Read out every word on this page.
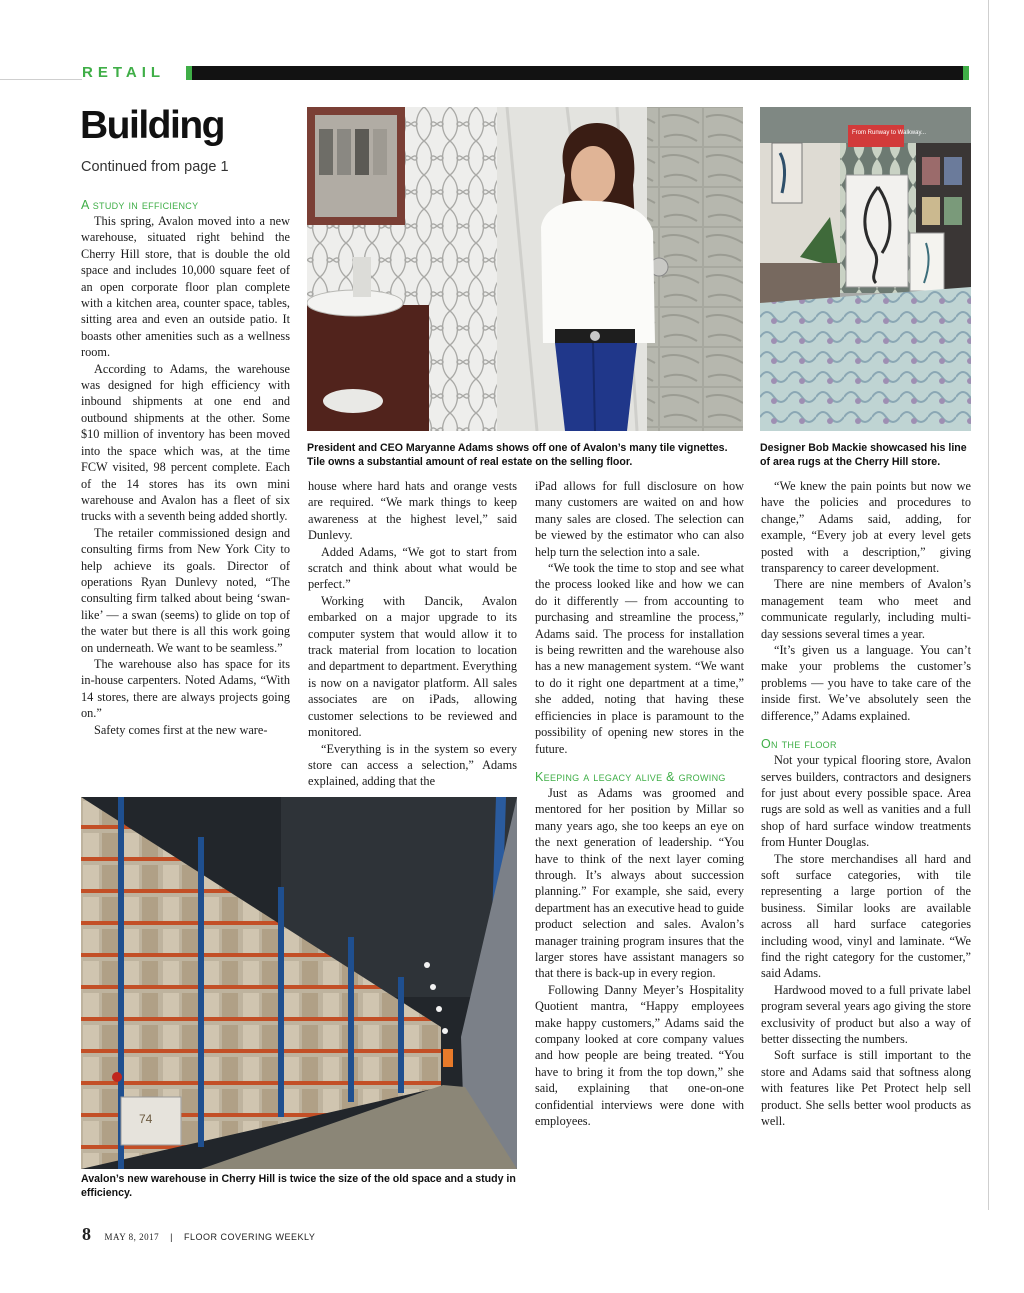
RETAIL
Building
Continued from page 1
A study in efficiency

This spring, Avalon moved into a new warehouse, situated right behind the Cherry Hill store, that is double the old space and includes 10,000 square feet of an open corporate floor plan complete with a kitchen area, counter space, tables, sitting area and even an outside patio. It boasts other amenities such as a wellness room.

According to Adams, the warehouse was designed for high efficiency with inbound shipments at one end and outbound shipments at the other. Some $10 million of inventory has been moved into the space which was, at the time FCW visited, 98 percent complete. Each of the 14 stores has its own mini warehouse and Avalon has a fleet of six trucks with a seventh being added shortly.

The retailer commissioned design and consulting firms from New York City to help achieve its goals. Director of operations Ryan Dunlevy noted, “The consulting firm talked about being ‘swan-like’ — a swan (seems) to glide on top of the water but there is all this work going on underneath. We want to be seamless.”

The warehouse also has space for its in-house carpenters. Noted Adams, “With 14 stores, there are always projects going on.”

Safety comes first at the new ware-

house where hard hats and orange vests are required. “We mark things to keep awareness at the highest level,” said Dunlevy.

Added Adams, “We got to start from scratch and think about what would be perfect.”

Working with Dancik, Avalon embarked on a major upgrade to its computer system that would allow it to track material from location to location and department to department. Everything is now on a navigator platform. All sales associates are on iPads, allowing customer selections to be reviewed and monitored.

“Everything is in the system so every store can access a selection,” Adams explained, adding that the

iPad allows for full disclosure on how many customers are waited on and how many sales are closed. The selection can be viewed by the estimator who can also help turn the selection into a sale.

“We took the time to stop and see what the process looked like and how we can do it differently — from accounting to purchasing and streamline the process,” Adams said. The process for installation is being rewritten and the warehouse also has a new management system. “We want to do it right one department at a time,” she added, noting that having these efficiencies in place is paramount to the possibility of opening new stores in the future.

Keeping a legacy alive & growing

Just as Adams was groomed and mentored for her position by Millar so many years ago, she too keeps an eye on the next generation of leadership. “You have to think of the next layer coming through. It’s always about succession planning.” For example, she said, every department has an executive head to guide product selection and sales. Avalon’s manager training program insures that the larger stores have assistant managers so that there is back-up in every region.

Following Danny Meyer’s Hospitality Quotient mantra, “Happy employees make happy customers,” Adams said the company looked at core company values and how people are being treated. “You have to bring it from the top down,” she said, explaining that one-on-one confidential interviews were done with employees.

“We knew the pain points but now we have the policies and procedures to change,” Adams said, adding, for example, “Every job at every level gets posted with a description,” giving transparency to career development.

There are nine members of Avalon’s management team who meet and communicate regularly, including multi-day sessions several times a year.

“It’s given us a language. You can’t make your problems the customer’s problems — you have to take care of the inside first. We’ve absolutely seen the difference,” Adams explained.

On the floor

Not your typical flooring store, Avalon serves builders, contractors and designers for just about every possible space. Area rugs are sold as well as vanities and a full shop of hard surface window treatments from Hunter Douglas.

The store merchandises all hard and soft surface categories, with tile representing a large portion of the business. Similar looks are available across all hard surface categories including wood, vinyl and laminate. “We find the right category for the customer,” said Adams.

Hardwood moved to a full private label program several years ago giving the store exclusivity of product but also a way of better dissecting the numbers.

Soft surface is still important to the store and Adams said that softness along with features like Pet Protect help sell product. She sells better wool products as well.

President and CEO Maryanne Adams shows off one of Avalon’s many tile vignettes. Tile owns a substantial amount of real estate on the selling floor.
From Runway to Walkway...
Designer Bob Mackie showcased his line of area rugs at the Cherry Hill store.
74
Avalon’s new warehouse in Cherry Hill is twice the size of the old space and a study in efficiency.
8 MAY 8, 2017 | FLOOR COVERING WEEKLY
